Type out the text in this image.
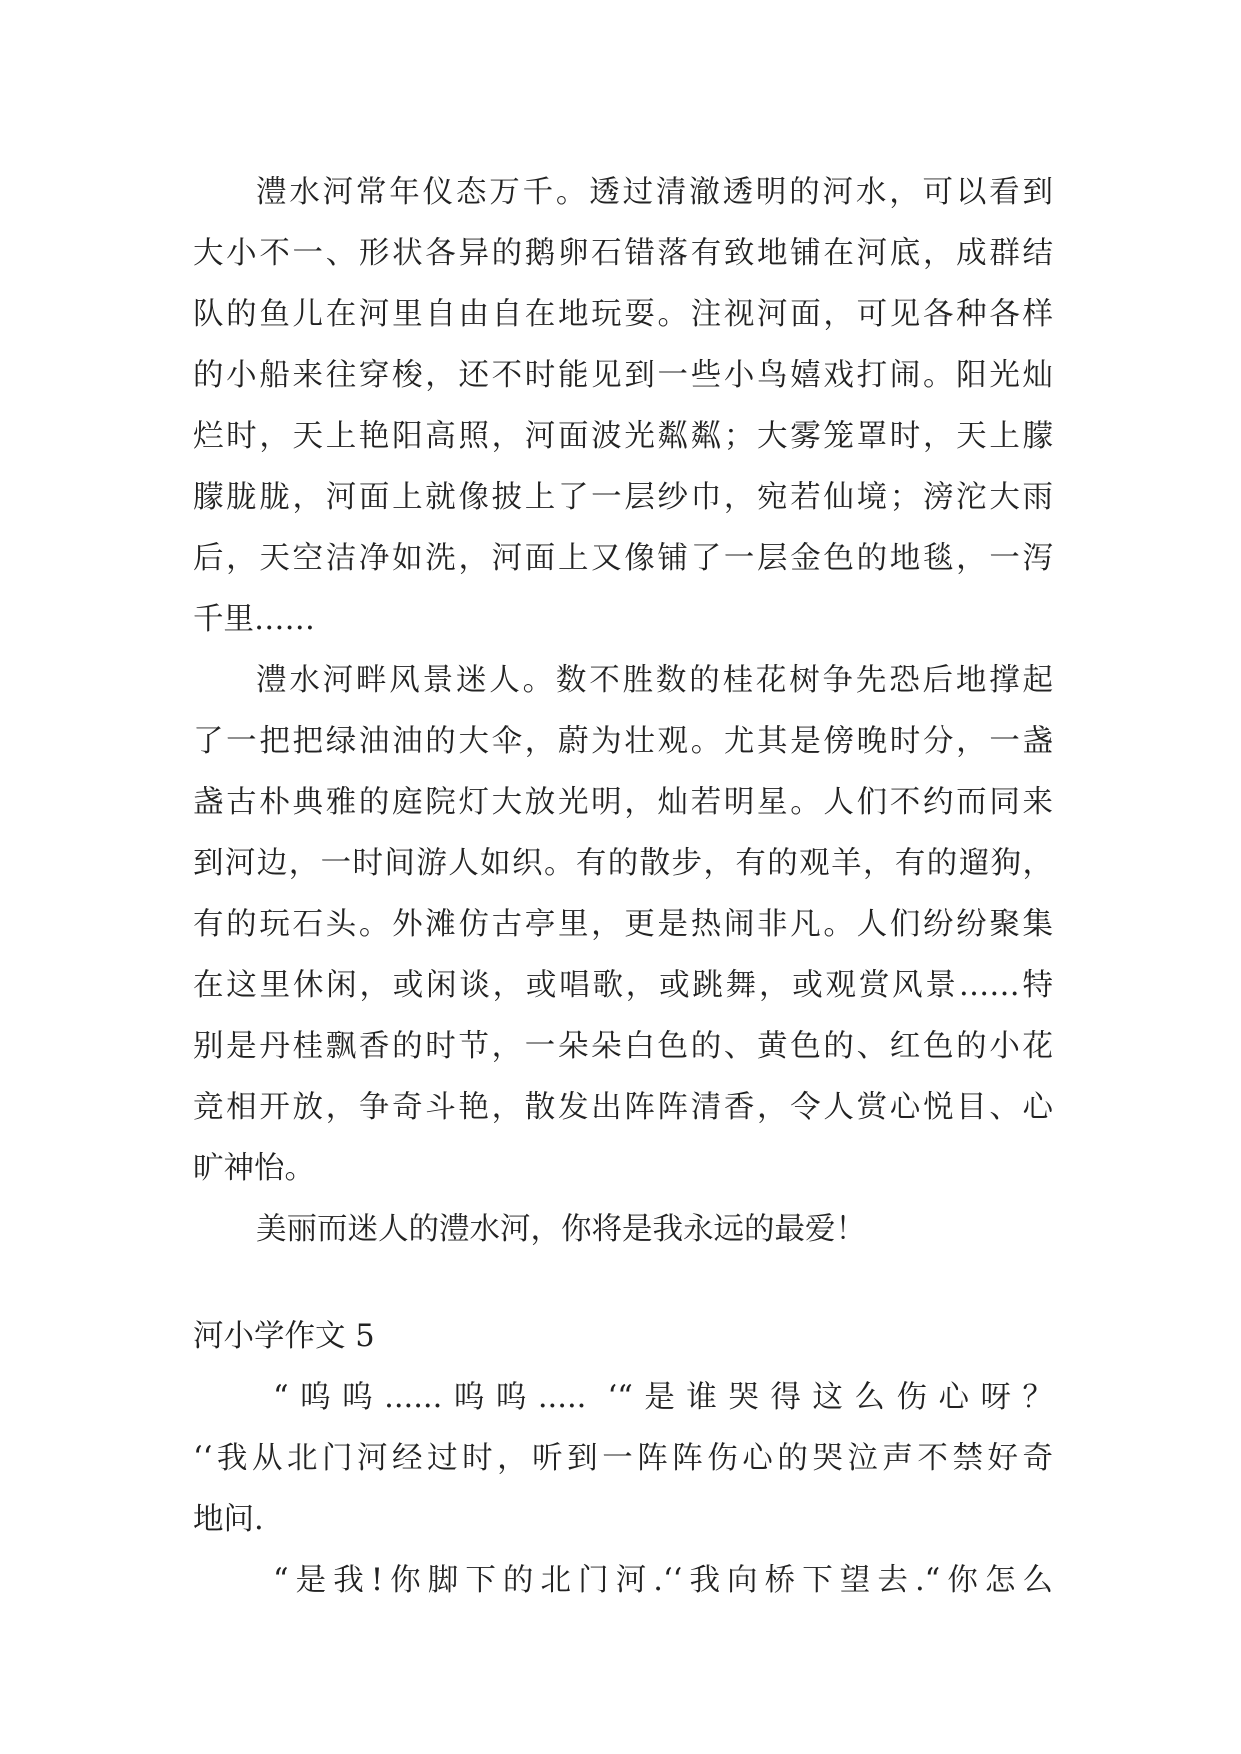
澧水河常年仪态万千。透过清澈透明的河水，可以看到
大小不一、形状各异的鹅卵石错落有致地铺在河底，成群结
队的鱼儿在河里自由自在地玩耍。注视河面，可见各种各样
的小船来往穿梭，还不时能见到一些小鸟嬉戏打闹。阳光灿
烂时，天上艳阳高照，河面波光粼粼；大雾笼罩时，天上朦
朦胧胧，河面上就像披上了一层纱巾，宛若仙境；滂沱大雨
后，天空洁净如洗，河面上又像铺了一层金色的地毯，一泻
千里……
澧水河畔风景迷人。数不胜数的桂花树争先恐后地撑起
了一把把绿油油的大伞，蔚为壮观。尤其是傍晚时分，一盏
盏古朴典雅的庭院灯大放光明，灿若明星。人们不约而同来
到河边，一时间游人如织。有的散步，有的观羊，有的遛狗，
有的玩石头。外滩仿古亭里，更是热闹非凡。人们纷纷聚集
在这里休闲，或闲谈，或唱歌，或跳舞，或观赏风景……特
别是丹桂飘香的时节，一朵朵白色的、黄色的、红色的小花
竞相开放，争奇斗艳，散发出阵阵清香，令人赏心悦目、心
旷神怡。
美丽而迷人的澧水河，你将是我永远的最爱！
河小学作文 5
“呜呜......呜呜..... ‘“是谁哭得这么伤心呀？
‘‘我从北门河经过时，听到一阵阵伤心的哭泣声不禁好奇
地问.
“是我!你脚下的北门河.‘‘我向桥下望去.“你怎么
